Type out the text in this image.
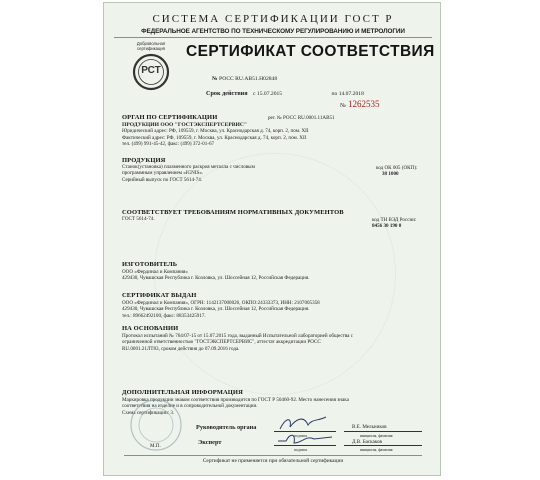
СИСТЕМА СЕРТИФИКАЦИИ ГОСТ Р
ФЕДЕРАЛЬНОЕ АГЕНТСТВО ПО ТЕХНИЧЕСКОМУ РЕГУЛИРОВАНИЮ И МЕТРОЛОГИИ
Добровольная сертификация
РСТ
СЕРТИФИКАТ СООТВЕТСТВИЯ
№ РОСС RU.AB51.H02848
Срок действия с 15.07.2015	по 14.07.2018
№ 1262535
ОРГАН ПО СЕРТИФИКАЦИИ	рег. № РОСС RU.0001.11AB51
ПРОДУКЦИИ ООО "ГОСТЭКСПЕРТСЕРВИС"
Юридический адрес: РФ, 109559, г. Москва, ул. Краснодарская д. 74, корп. 2, пом. XII
Фактический адрес: РФ, 109559, г. Москва, ул. Краснодарская д. 74, корп. 2, пом. XII
тел. (499) 991-45-42, факс: (499) 372-01-67
ПРОДУКЦИЯ
Станок(установка) плазменного раскроя металла с числовым
программным управлением «IGNIS».
Серийный выпуск по ГОСТ 5614-74.
код ОК 005 (ОКП):
38 1000
СООТВЕТСТВУЕТ ТРЕБОВАНИЯМ НОРМАТИВНЫХ ДОКУМЕНТОВ
ГОСТ 5614-74.	код ТН ВЭД России:
8456 30 190 0
ИЗГОТОВИТЕЛЬ
ООО «Фердинал и Компания»
429430, Чувашская Республика г. Козловка, ул. Шоссейная 12, Российская Федерация.
СЕРТИФИКАТ ВЫДАН
ООО «Фердинал и Компания», ОГРН: 1142137000026, ОКПО:24333373, ИНН: 2107005358
429430, Чувашская Республика г. Козловка, ул. Шоссейная 12, Российская Федерация.
тел.: 89662492100, факс: 88353425917.
НА ОСНОВАНИИ
Протокол испытаний № 764/07-15 от 15.07.2015 года, выданный Испытательной лабораторией общества с
ограниченной ответственностью "ГОСТЭКСПЕРТСЕРВИС", аттестат аккредитации РОСС
RU.0001.21ЛТ83, сроком действия до 07.09.2016 года.
ДОПОЛНИТЕЛЬНАЯ ИНФОРМАЦИЯ
Маркировка продукции знаком соответствия производится по ГОСТ Р 50460-92. Место нанесения знака
соответствия на изделие и в сопроводительной документации.
Схема сертификации: 3.
М.П.
Руководитель органа
подпись
В.Е. Мельников
инициалы, фамилия
Эксперт
подпись
Д.В. Баскаков
инициалы, фамилия
Сертификат не применяется при обязательной сертификации
